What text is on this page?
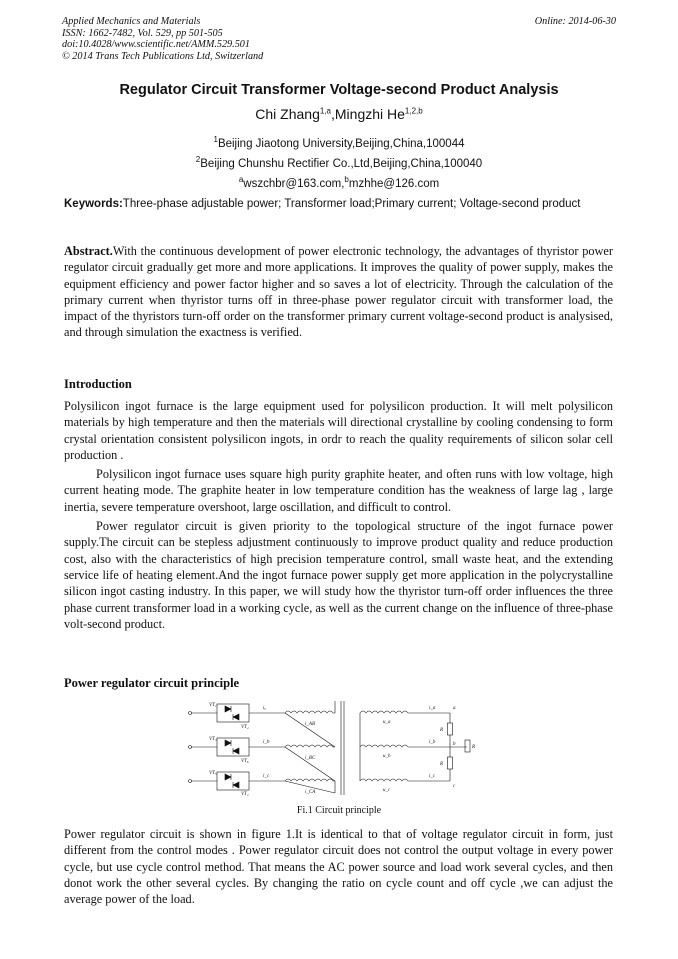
Applied Mechanics and Materials
ISSN: 1662-7482, Vol. 529, pp 501-505
doi:10.4028/www.scientific.net/AMM.529.501
© 2014 Trans Tech Publications Ltd, Switzerland
Online: 2014-06-30
Regulator Circuit Transformer Voltage-second Product Analysis
Chi Zhang$^{1,a}$,Mingzhi He$^{1,2,b}$
$^1$Beijing Jiaotong University,Beijing,China,100044
$^2$Beijing Chunshu Rectifier Co.,Ltd,Beijing,China,100040
$^a$wszchbr@163.com,$^b$mzhhe@126.com
Keywords:Three-phase adjustable power; Transformer load;Primary current; Voltage-second product
Abstract.With the continuous development of power electronic technology, the advantages of thyristor power regulator circuit gradually get more and more applications. It improves the quality of power supply, makes the equipment efficiency and power factor higher and so saves a lot of electricity. Through the calculation of the primary current when thyristor turns off in three-phase power regulator circuit with transformer load, the impact of the thyristors turn-off order on the transformer primary current voltage-second product is analysised, and through simulation the exactness is verified.
Introduction

Polysilicon ingot furnace is the large equipment used for polysilicon production. It will melt polysilicon materials by high temperature and then the materials will directional crystalline by cooling condensing to form crystal orientation consistent polysilicon ingots, in ordr to reach the quality requirements of silicon solar cell production .

Polysilicon ingot furnace uses square high purity graphite heater, and often runs with low voltage, high current heating mode. The graphite heater in low temperature condition has the weakness of large lag , large inertia, severe temperature overshoot, large oscillation, and difficult to control.

Power regulator circuit is given priority to the topological structure of the ingot furnace power supply.The circuit can be stepless adjustment continuously to improve product quality and reduce production cost, also with the characteristics of high precision temperature control, small waste heat, and the extending service life of heating element.And the ingot furnace power supply get more application in the polycrystalline silicon ingot casting industry. In this paper, we will study how the thyristor turn-off order influences the three phase current transformer load in a working cycle, as well as the current change on the influence of three-phase volt-second product.

Power regulator circuit principle
VT₁
VT₄
VT₃
VT₆
VT₅
VT₂
iₐ
i_b
i_c
i_AB
i_BC
i_CA
u_a
u_b
u_c
i_a
i_b
i_c
a
b
c
R
R
R
Fi.1 Circuit principle
Power regulator circuit is shown in figure 1.It is identical to that of voltage regulator circuit in form, just different from the control modes . Power regulator circuit does not control the output voltage in every power cycle, but use cycle control method. That means the AC power source and load work several cycles, and then donot work the other several cycles. By changing the ratio on cycle count and off cycle ,we can adjust the average power of the load.
